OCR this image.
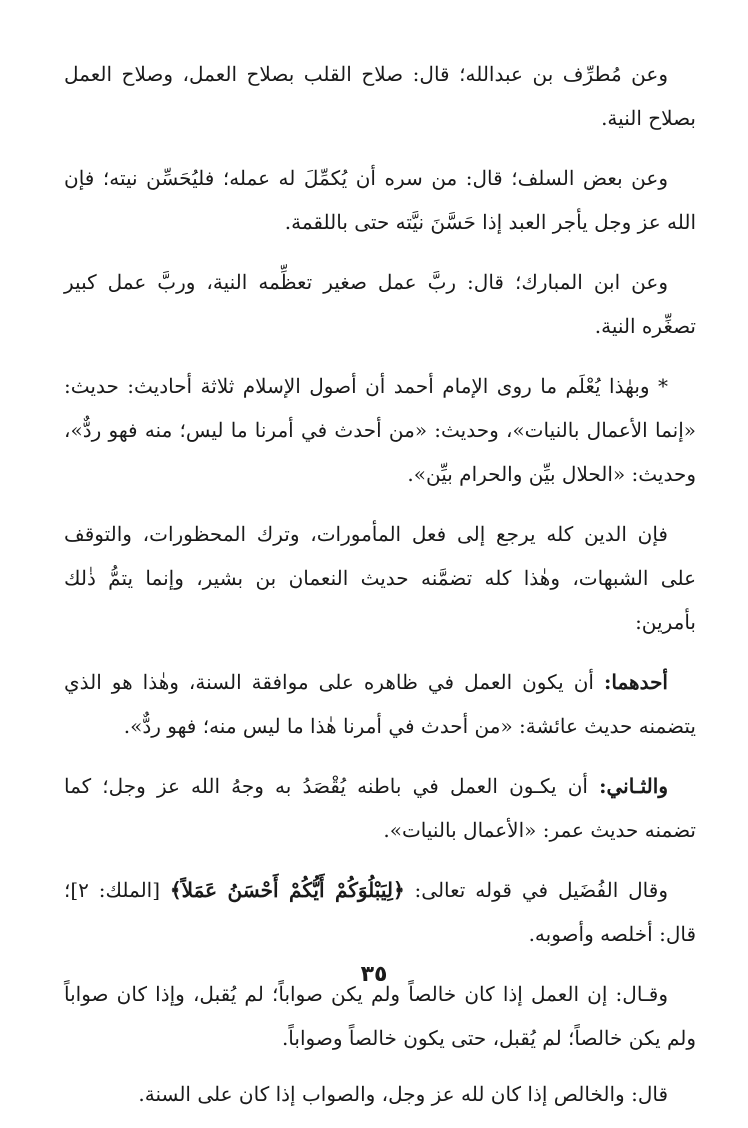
وعن مُطرِّف بن عبدالله؛ قال: صلاح القلب بصلاح العمل، وصلاح العمل بصلاح النية.

وعن بعض السلف؛ قال: من سره أن يُكمِّلَ له عمله؛ فليُحَسِّن نيته؛ فإن الله عز وجل يأجر العبد إذا حَسَّنَ نيَّته حتى باللقمة.

وعن ابن المبارك؛ قال: ربَّ عمل صغير تعظِّمه النية، وربَّ عمل كبير تصغِّره النية.

* وبهٰذا يُعْلَم ما روى الإمام أحمد أن أصول الإسلام ثلاثة أحاديث: حديث: «إنما الأعمال بالنيات»، وحديث: «من أحدث في أمرنا ما ليس؛ منه فهو ردٌّ»، وحديث: «الحلال بيِّن والحرام بيِّن».

فإن الدين كله يرجع إلى فعل المأمورات، وترك المحظورات، والتوقف على الشبهات، وهٰذا كله تضمَّنه حديث النعمان بن بشير، وإنما يتمُّ ذٰلك بأمرين:

أحدهما: أن يكون العمل في ظاهره على موافقة السنة، وهٰذا هو الذي يتضمنه حديث عائشة: «من أحدث في أمرنا هٰذا ما ليس منه؛ فهو ردٌّ».

والثـاني: أن يكـون العمل في باطنه يُقْصَدُ به وجهُ الله عز وجل؛ كما تضمنه حديث عمر: «الأعمال بالنيات».

وقال الفُضَيل في قوله تعالى: ﴿لِيَبْلُوَكُمْ أَيُّكُمْ أَحْسَنُ عَمَلاً﴾ [الملك: ٢]؛ قال: أخلصه وأصوبه.

وقـال: إن العمل إذا كان خالصاً ولم يكن صواباً؛ لم يُقبل، وإذا كان صواباً ولم يكن خالصاً؛ لم يُقبل، حتى يكون خالصاً وصواباً.

قال: والخالص إذا كان لله عز وجل، والصواب إذا كان على السنة.

٣٥
